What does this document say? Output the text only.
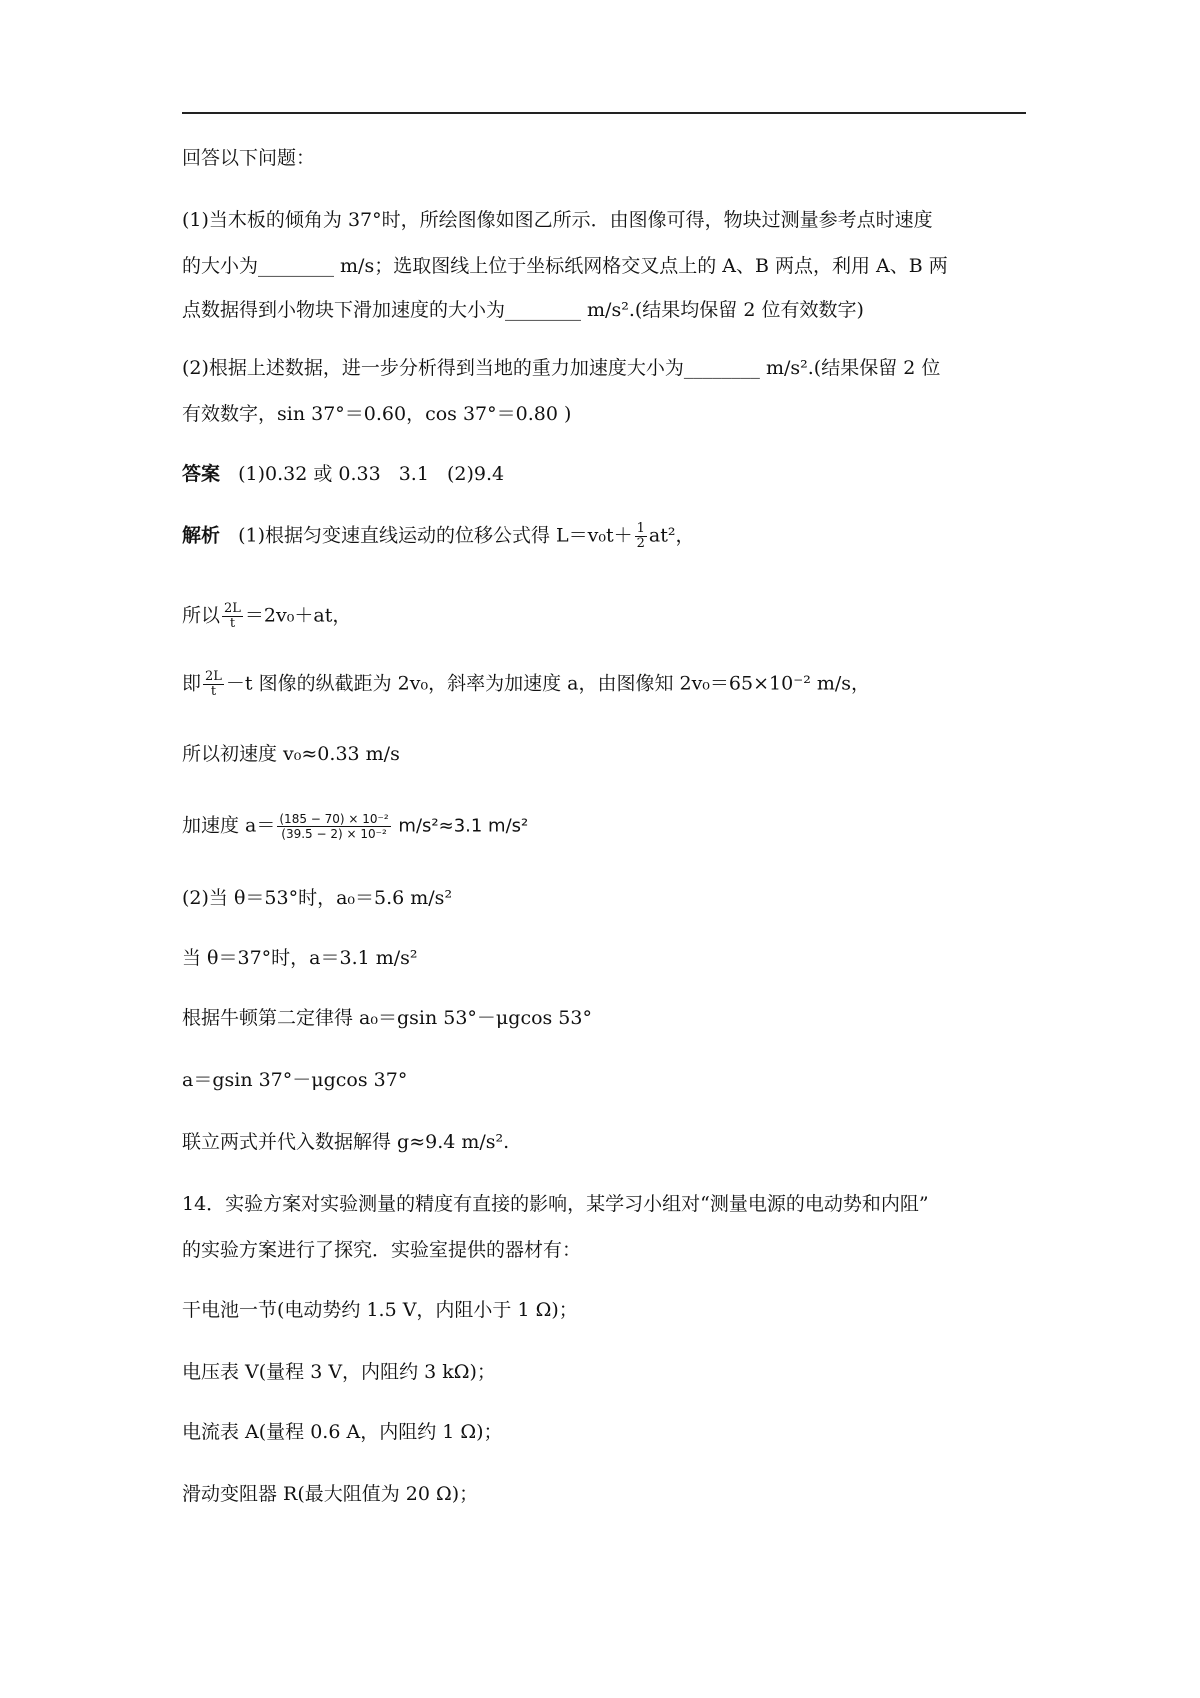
回答以下问题：
(1)当木板的倾角为 37°时，所绘图像如图乙所示．由图像可得，物块过测量参考点时速度
的大小为________ m/s；选取图线上位于坐标纸网格交叉点上的 A、B 两点，利用 A、B 两
点数据得到小物块下滑加速度的大小为________ m/s².(结果均保留 2 位有效数字)
(2)根据上述数据，进一步分析得到当地的重力加速度大小为________ m/s².(结果保留 2 位
有效数字，sin 37°＝0.60，cos 37°＝0.80 )
答案 (1)0.32 或 0.33 3.1 (2)9.4
解析 (1)根据匀变速直线运动的位移公式得 $L=v_0t+ \frac{1}{2} at^2$，
所以 $\frac{2L}{t} =2v_0+at$，
即 $\frac{2L}{t} -t$ 图像的纵截距为 2v₀，斜率为加速度 a，由图像知 2v₀＝65×10⁻² m/s，
所以初速度 v₀≈0.33 m/s
加速度 $a= \frac{\text{(185 − 70) × 10⁻²}}{\text{(39.5 − 2) × 10⁻²}} m/s^2\approx 3.1$ m/s²
(2)当 θ＝53°时，a₀＝5.6 m/s²
当 θ＝37°时，a＝3.1 m/s²
根据牛顿第二定律得 a₀＝gsin 53°－μgcos 53°
a＝gsin 37°－μgcos 37°
联立两式并代入数据解得 g≈9.4 m/s².
14．实验方案对实验测量的精度有直接的影响，某学习小组对“测量电源的电动势和内阻”
的实验方案进行了探究．实验室提供的器材有：
干电池一节(电动势约 1.5 V，内阻小于 1 Ω)；
电压表 V(量程 3 V，内阻约 3 kΩ)；
电流表 A(量程 0.6 A，内阻约 1 Ω)；
滑动变阻器 R(最大阻值为 20 Ω)；
